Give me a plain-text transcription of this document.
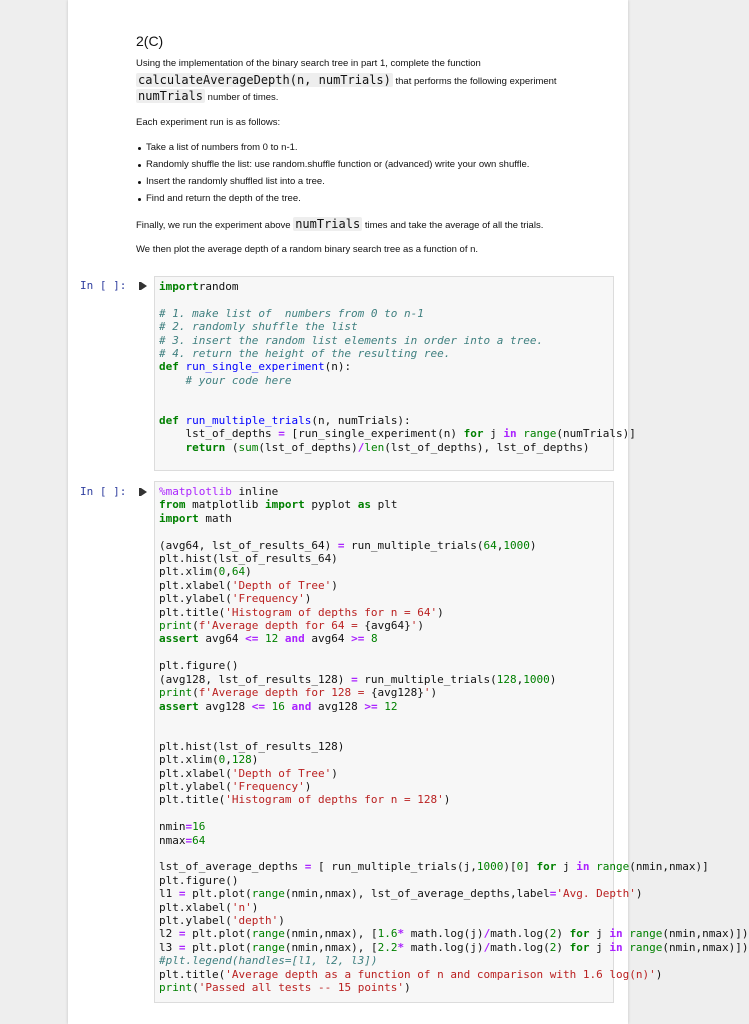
2(C)
Using the implementation of the binary search tree in part 1, complete the function
calculateAverageDepth(n, numTrials) that performs the following experiment
numTrials number of times.
Each experiment run is as follows:
Take a list of numbers from 0 to n-1.
Randomly shuffle the list: use random.shuffle function or (advanced) write your own shuffle.
Insert the randomly shuffled list into a tree.
Find and return the depth of the tree.
Finally, we run the experiment above numTrials times and take the average of all the trials.
We then plot the average depth of a random binary search tree as a function of n.
In [ ]:	importrandom

# 1. make list of  numbers from 0 to n-1
# 2. randomly shuffle the list
# 3. insert the random list elements in order into a tree.
# 4. return the height of the resulting ree.
def run_single_experiment(n):
# your code here

def run_multiple_trials(n, numTrials):
lst_of_depths = [run_single_experiment(n) for j in range(numTrials)]
return (sum(lst_of_depths)/len(lst_of_depths), lst_of_depths)

In [ ]:	%matplotlib inline
from matplotlib import pyplot as plt
import math

(avg64, lst_of_results_64) = run_multiple_trials(64,1000)
plt.hist(lst_of_results_64)
plt.xlim(0,64)
plt.xlabel('Depth of Tree')
plt.ylabel('Frequency')
plt.title('Histogram of depths for n = 64')
print(f'Average depth for 64 = {avg64}')
assert avg64 <= 12 and avg64 >= 8

plt.figure()
(avg128, lst_of_results_128) = run_multiple_trials(128,1000)
print(f'Average depth for 128 = {avg128}')
assert avg128 <= 16 and avg128 >= 12

plt.hist(lst_of_results_128)
plt.xlim(0,128)
plt.xlabel('Depth of Tree')
plt.ylabel('Frequency')
plt.title('Histogram of depths for n = 128')

nmin=16
nmax=64

lst_of_average_depths = [ run_multiple_trials(j,1000)[0] for j in range(nmin,nmax)]
plt.figure()
l1 = plt.plot(range(nmin,nmax), lst_of_average_depths,label='Avg. Depth')
plt.xlabel('n')
plt.ylabel('depth')
l2 = plt.plot(range(nmin,nmax), [1.6* math.log(j)/math.log(2) for j in range(nmin,nmax)])
l3 = plt.plot(range(nmin,nmax), [2.2* math.log(j)/math.log(2) for j in range(nmin,nmax)])
#plt.legend(handles=[l1, l2, l3])
plt.title('Average depth as a function of n and comparison with 1.6 log(n)')
print('Passed all tests -- 15 points')
